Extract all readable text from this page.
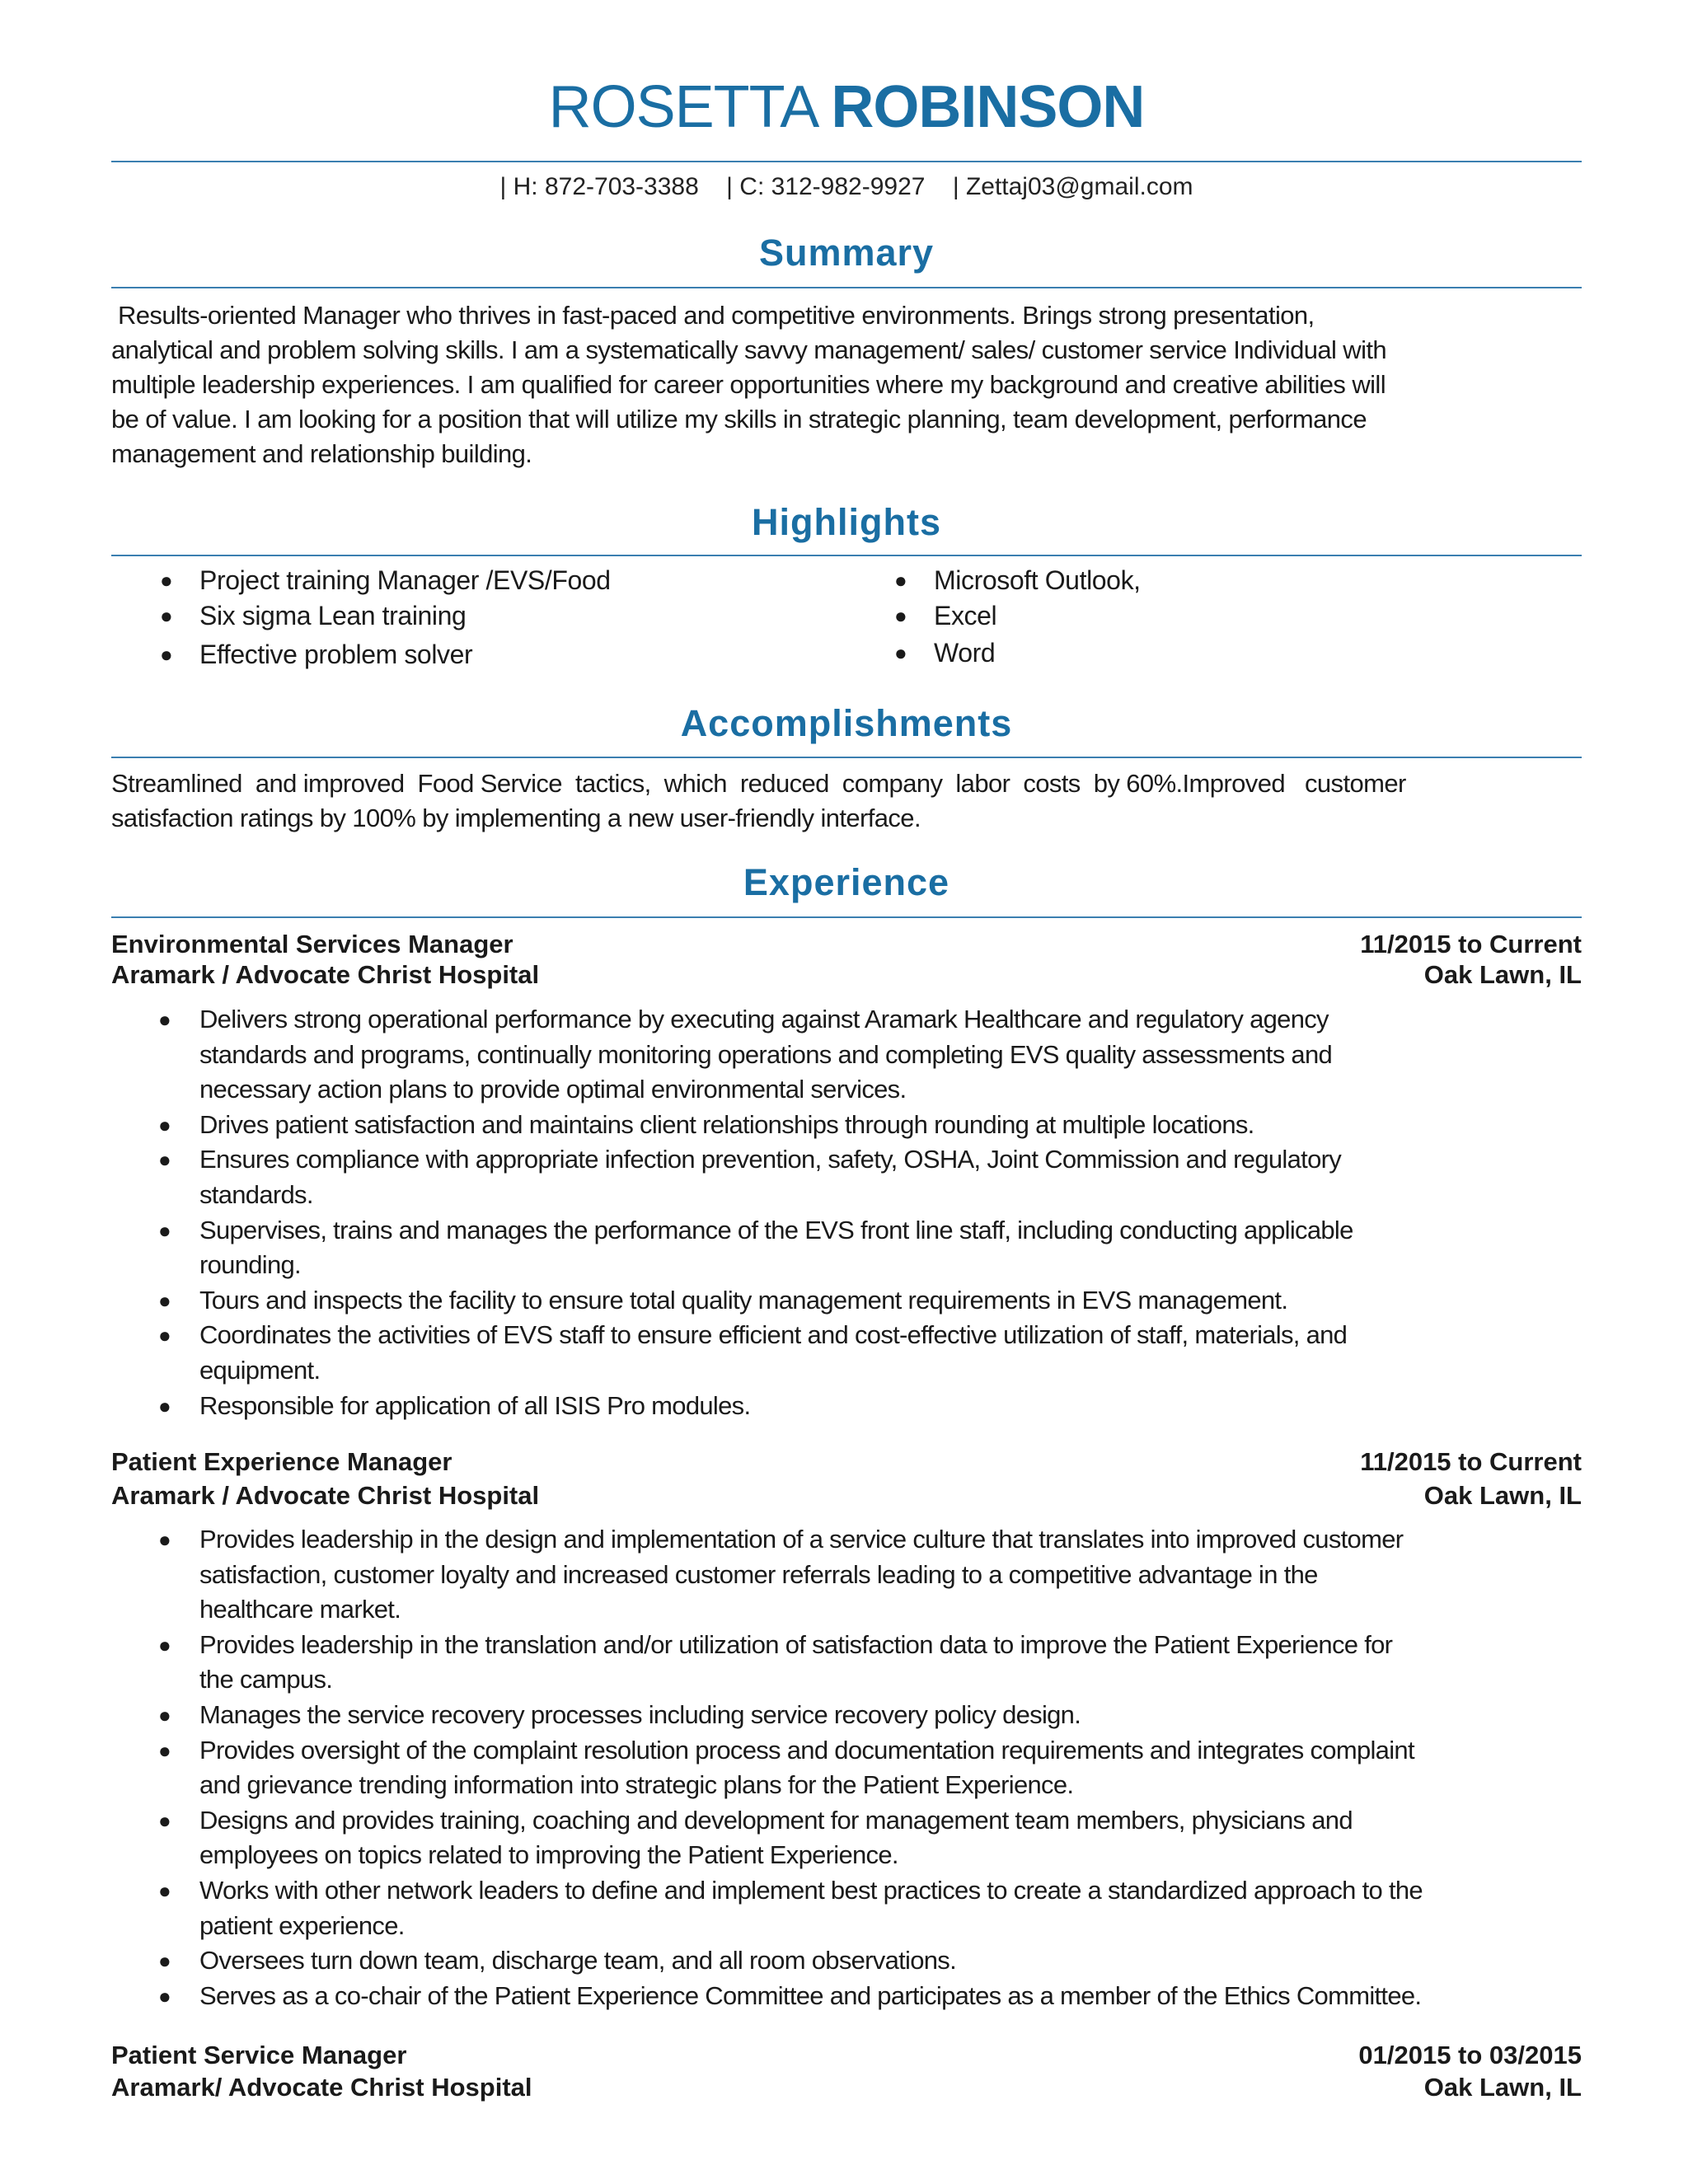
ROSETTA ROBINSON
| H: 872-703-3388 | C: 312-982-9927 | Zettaj03@gmail.com
Summary
Results-oriented Manager who thrives in fast-paced and competitive environments. Brings strong presentation,
analytical and problem solving skills. I am a systematically savvy management/ sales/ customer service Individual with
multiple leadership experiences. I am qualified for career opportunities where my background and creative abilities will
be of value. I am looking for a position that will utilize my skills in strategic planning, team development, performance
management and relationship building.
Highlights
● Project training Manager /EVS/Food
● Six sigma Lean training
● Effective problem solver
● Microsoft Outlook,
● Excel
● Word
Accomplishments
Streamlined  and improved  Food Service  tactics,  which  reduced  company  labor  costs  by 60%.Improved   customer
satisfaction ratings by 100% by implementing a new user-friendly interface.
Experience
Environmental Services Manager	11/2015 to Current
Aramark / Advocate Christ Hospital	Oak Lawn, IL
● Delivers strong operational performance by executing against Aramark Healthcare and regulatory agency
standards and programs, continually monitoring operations and completing EVS quality assessments and
necessary action plans to provide optimal environmental services.
● Drives patient satisfaction and maintains client relationships through rounding at multiple locations.
● Ensures compliance with appropriate infection prevention, safety, OSHA, Joint Commission and regulatory
standards.
● Supervises, trains and manages the performance of the EVS front line staff, including conducting applicable
rounding.
● Tours and inspects the facility to ensure total quality management requirements in EVS management.
● Coordinates the activities of EVS staff to ensure efficient and cost-effective utilization of staff, materials, and
equipment.
● Responsible for application of all ISIS Pro modules.
Patient Experience Manager	11/2015 to Current
Aramark / Advocate Christ Hospital	Oak Lawn, IL
● Provides leadership in the design and implementation of a service culture that translates into improved customer
satisfaction, customer loyalty and increased customer referrals leading to a competitive advantage in the
healthcare market.
● Provides leadership in the translation and/or utilization of satisfaction data to improve the Patient Experience for
the campus.
● Manages the service recovery processes including service recovery policy design.
● Provides oversight of the complaint resolution process and documentation requirements and integrates complaint
and grievance trending information into strategic plans for the Patient Experience.
● Designs and provides training, coaching and development for management team members, physicians and
employees on topics related to improving the Patient Experience.
● Works with other network leaders to define and implement best practices to create a standardized approach to the
patient experience.
● Oversees turn down team, discharge team, and all room observations.
● Serves as a co-chair of the Patient Experience Committee and participates as a member of the Ethics Committee.
Patient Service Manager	01/2015 to 03/2015
Aramark/ Advocate Christ Hospital	Oak Lawn, IL
